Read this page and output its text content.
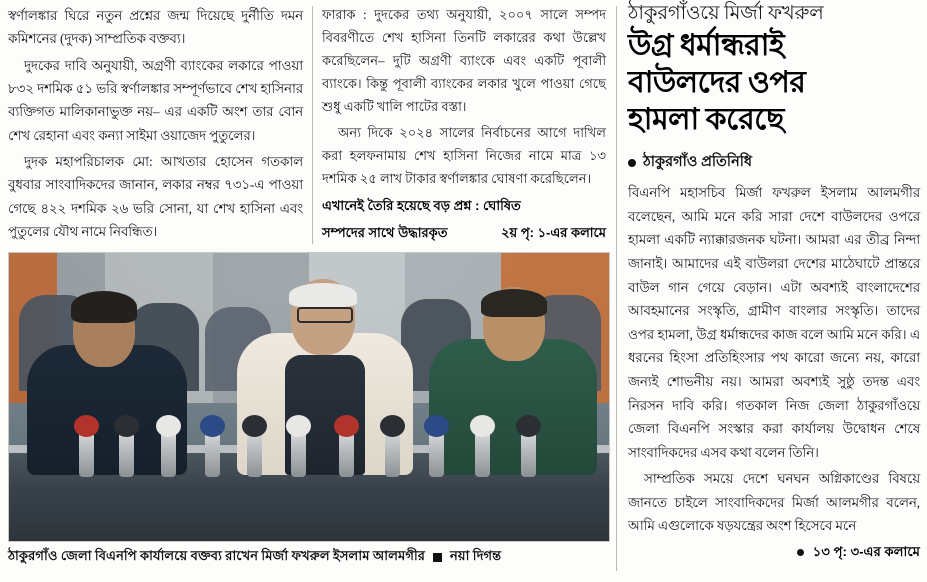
স্বর্ণালঙ্কার ঘিরে নতুন প্রশ্নের জন্ম দিয়েছে দুর্নীতি দমন কমিশনের (দুদক) সাম্প্রতিক বক্তব্য।

দুদকের দাবি অনুযায়ী, অগ্রণী ব্যাংকের লকারে পাওয়া ৮৩২ দশমিক ৫১ ভরি স্বর্ণালঙ্কার সম্পূর্ণভাবে শেখ হাসিনার ব্যক্তিগত মালিকানাভুক্ত নয়– এর একটি অংশ তার বোন শেখ রেহানা এবং কন্যা সাইমা ওয়াজেদ পুতুলের।

দুদক মহাপরিচালক মো: আখতার হোসেন গতকাল বুধবার সাংবাদিকদের জানান, লকার নম্বর ৭৩১-এ পাওয়া গেছে ৪২২ দশমিক ২৬ ভরি সোনা, যা শেখ হাসিনা এবং পুতুলের যৌথ নামে নিবন্ধিত।

ফারাক : দুদকের তথ্য অনুযায়ী, ২০০৭ সালে সম্পদ বিবরণীতে শেখ হাসিনা তিনটি লকারের কথা উল্লেখ করেছিলেন– দুটি অগ্রণী ব্যাংকে এবং একটি পূবালী ব্যাংকে। কিন্তু পূবালী ব্যাংকের লকার খুলে পাওয়া গেছে শুধু একটি খালি পাটের বস্তা।

অন্য দিকে ২০২৪ সালের নির্বাচনের আগে দাখিল করা হলফনামায় শেখ হাসিনা নিজের নামে মাত্র ১৩ দশমিক ২৫ লাখ টাকার স্বর্ণালঙ্কার ঘোষণা করেছিলেন।

এখানেই তৈরি হয়েছে বড় প্রশ্ন : ঘোষিত
সম্পদের সাথে উদ্ধারকৃত	২য় পৃ: ১-এর কলামে
ঠাকুরগাঁওয়ে মির্জা ফখরুল
উগ্র ধর্মান্ধরাই
বাউলদের ওপর
হামলা করেছে
ঠাকুরগাঁও প্রতিনিধি

বিএনপি মহাসচিব মির্জা ফখরুল ইসলাম আলমগীর বলেছেন, আমি মনে করি সারা দেশে বাউলদের ওপরে হামলা একটি ন্যাক্কারজনক ঘটনা। আমরা এর তীব্র নিন্দা জানাই। আমাদের এই বাউলরা দেশের মাঠেঘাটে প্রান্তরে বাউল গান গেয়ে বেড়ান। এটা অবশ্যই বাংলাদেশের আবহমানের সংস্কৃতি, গ্রামীণ বাংলার সংস্কৃতি। তাদের ওপর হামলা, উগ্র ধর্মান্ধদের কাজ বলে আমি মনে করি। এ ধরনের হিংসা প্রতিহিংসার পথ কারো জন্যে নয়, কারো জন্যই শোভনীয় নয়। আমরা অবশ্যই সুষ্ঠু তদন্ত এবং নিরসন দাবি করি। গতকাল নিজ জেলা ঠাকুরগাঁওয়ে জেলা বিএনপি সংস্কার করা কার্যালয় উদ্বোধন শেষে সাংবাদিকদের এসব কথা বলেন তিনি।

সাম্প্রতিক সময়ে দেশে ঘনঘন অগ্নিকাণ্ডের বিষয়ে জানতে চাইলে সাংবাদিকদের মির্জা আলমগীর বলেন, আমি এগুলোকে ষড়যন্ত্রের অংশ হিসেবে মনে

১৩ পৃ: ৩-এর কলামে
ঠাকুরগাঁও জেলা বিএনপি কার্যালয়ে বক্তব্য রাখেন মির্জা ফখরুল ইসলাম আলমগীর নয়া দিগন্ত
